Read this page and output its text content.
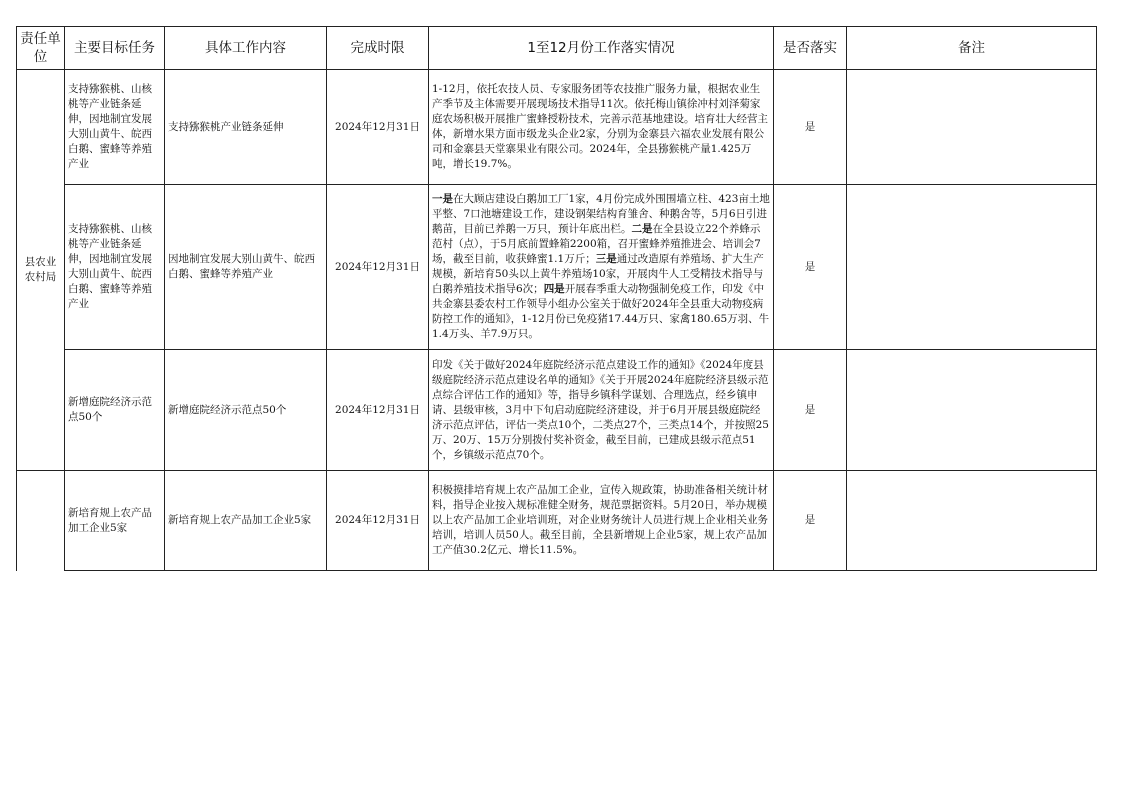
责任单位	主要目标任务	具体工作内容	完成时限	1至12月份工作落实情况	是否落实	备注
县农业农村局	支持猕猴桃、山核桃等产业链条延伸，因地制宜发展大别山黄牛、皖西白鹅、蜜蜂等养殖产业	支持猕猴桃产业链条延伸	2024年12月31日	1-12月，依托农技人员、专家服务团等农技推广服务力量，根据农业生产季节及主体需要开展现场技术指导11次。依托梅山镇徐冲村刘泽菊家庭农场积极开展推广蜜蜂授粉技术，完善示范基地建设。培育壮大经营主体，新增水果方面市级龙头企业2家，分别为金寨县六福农业发展有限公司和金寨县天堂寨果业有限公司。2024年，全县猕猴桃产量1.425万吨，增长19.7%。	是	
	支持猕猴桃、山核桃等产业链条延伸，因地制宜发展大别山黄牛、皖西白鹅、蜜蜂等养殖产业	因地制宜发展大别山黄牛、皖西白鹅、蜜蜂等养殖产业	2024年12月31日	一是在大顾店建设白鹅加工厂1家，4月份完成外围围墙立柱、423亩土地平整、7口池塘建设工作，建设钢架结构育雏舍、种鹅舍等，5月6日引进鹅苗，目前已养鹅一万只，预计年底出栏。二是在全县设立22个养蜂示范村（点），于5月底前置蜂箱2200箱，召开蜜蜂养殖推进会、培训会7场，截至目前，收获蜂蜜1.1万斤；三是通过改造原有养殖场、扩大生产规模，新培育50头以上黄牛养殖场10家，开展肉牛人工受精技术指导与白鹅养殖技术指导6次；四是开展春季重大动物强制免疫工作，印发《中共金寨县委农村工作领导小组办公室关于做好2024年全县重大动物疫病防控工作的通知》，1-12月份已免疫猪17.44万只、家禽180.65万羽、牛1.4万头、羊7.9万只。	是	
	新增庭院经济示范点50个	新增庭院经济示范点50个	2024年12月31日	印发《关于做好2024年庭院经济示范点建设工作的通知》《2024年度县级庭院经济示范点建设名单的通知》《关于开展2024年庭院经济县级示范点综合评估工作的通知》等，指导乡镇科学谋划、合理选点，经乡镇申请、县级审核，3月中下旬启动庭院经济建设，并于6月开展县级庭院经济示范点评估，评估一类点10个，二类点27个，三类点14个，并按照25万、20万、15万分别拨付奖补资金，截至目前，已建成县级示范点51个，乡镇级示范点70个。	是	
	新培育规上农产品加工企业5家	新培育规上农产品加工企业5家	2024年12月31日	积极摸排培育规上农产品加工企业，宣传入规政策，协助准备相关统计材料，指导企业按入规标准健全财务，规范票据资料。5月20日，举办规模以上农产品加工企业培训班，对企业财务统计人员进行规上企业相关业务培训，培训人员50人。截至目前，全县新增规上企业5家，规上农产品加工产值30.2亿元、增长11.5%。	是	
